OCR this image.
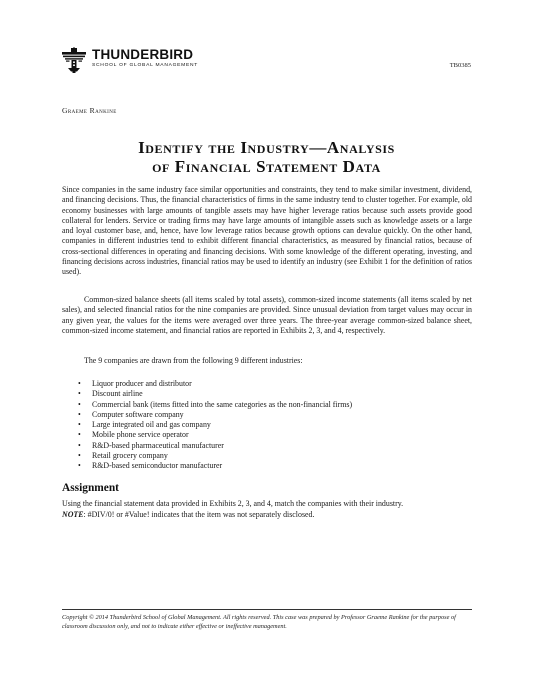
THUNDERBIRD
SCHOOL OF GLOBAL MANAGEMENT	TB0385
Graeme Rankine
Identify the Industry—Analysis
of Financial Statement Data

Since companies in the same industry face similar opportunities and constraints, they tend to make similar investment, dividend, and financing decisions. Thus, the financial characteristics of firms in the same industry tend to cluster together. For example, old economy businesses with large amounts of tangible assets may have higher leverage ratios because such assets provide good collateral for lenders. Service or trading firms may have large amounts of intangible assets such as knowledge assets or a large and loyal customer base, and, hence, have low leverage ratios because growth options can devalue quickly. On the other hand, companies in different industries tend to exhibit different financial characteristics, as measured by financial ratios, because of cross-sectional differences in operating and financing decisions. With some knowledge of the different operating, investing, and financing decisions across industries, financial ratios may be used to identify an industry (see Exhibit 1 for the definition of ratios used).

Common-sized balance sheets (all items scaled by total assets), common-sized income statements (all items scaled by net sales), and selected financial ratios for the nine companies are provided. Since unusual deviation from target values may occur in any given year, the values for the items were averaged over three years. The three-year average common-sized balance sheet, common-sized income statement, and financial ratios are reported in Exhibits 2, 3, and 4, respectively.

The 9 companies are drawn from the following 9 different industries:

• Liquor producer and distributor
• Discount airline
• Commercial bank (items fitted into the same categories as the non-financial firms)
• Computer software company
• Large integrated oil and gas company
• Mobile phone service operator
• R&D-based pharmaceutical manufacturer
• Retail grocery company
• R&D-based semiconductor manufacturer
Assignment

Using the financial statement data provided in Exhibits 2, 3, and 4, match the companies with their industry.

NOTE: #DIV/0! or #Value! indicates that the item was not separately disclosed.

Copyright © 2014 Thunderbird School of Global Management. All rights reserved. This case was prepared by Professor Graeme Rankine for the purpose of classroom discussion only, and not to indicate either effective or ineffective management.
